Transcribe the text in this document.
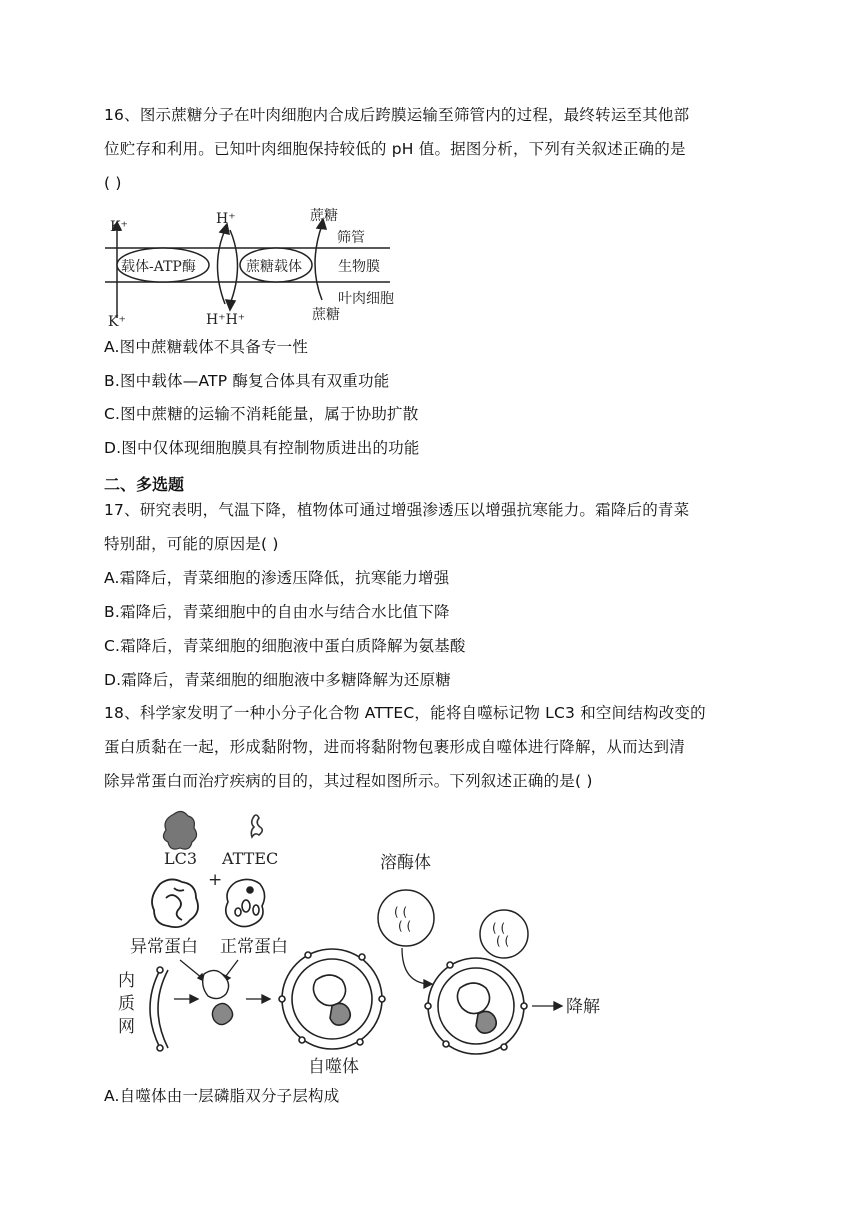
16、图示蔗糖分子在叶肉细胞内合成后跨膜运输至筛管内的过程，最终转运至其他部
位贮存和利用。已知叶肉细胞保持较低的 pH 值。据图分析，下列有关叙述正确的是
( )
K⁺
K⁺
H⁺
H⁺H⁺
载体-ATP酶	蔗糖载体
蔗糖
蔗糖
筛管
生物膜
叶肉细胞
A.图中蔗糖载体不具备专一性
B.图中载体—ATP 酶复合体具有双重功能
C.图中蔗糖的运输不消耗能量，属于协助扩散
D.图中仅体现细胞膜具有控制物质进出的功能
二、多选题
17、研究表明，气温下降，植物体可通过增强渗透压以增强抗寒能力。霜降后的青菜
特别甜，可能的原因是( )
A.霜降后，青菜细胞的渗透压降低，抗寒能力增强
B.霜降后，青菜细胞中的自由水与结合水比值下降
C.霜降后，青菜细胞的细胞液中蛋白质降解为氨基酸
D.霜降后，青菜细胞的细胞液中多糖降解为还原糖
18、科学家发明了一种小分子化合物 ATTEC，能将自噬标记物 LC3 和空间结构改变的
蛋白质黏在一起，形成黏附物，进而将黏附物包裹形成自噬体进行降解，从而达到清
除异常蛋白而治疗疾病的目的，其过程如图所示。下列叙述正确的是( )
LC3 ATTEC
+
异常蛋白 正常蛋白
内
质
网
自噬体
溶酶体
( (
( (	( (
( (
降解
A.自噬体由一层磷脂双分子层构成
